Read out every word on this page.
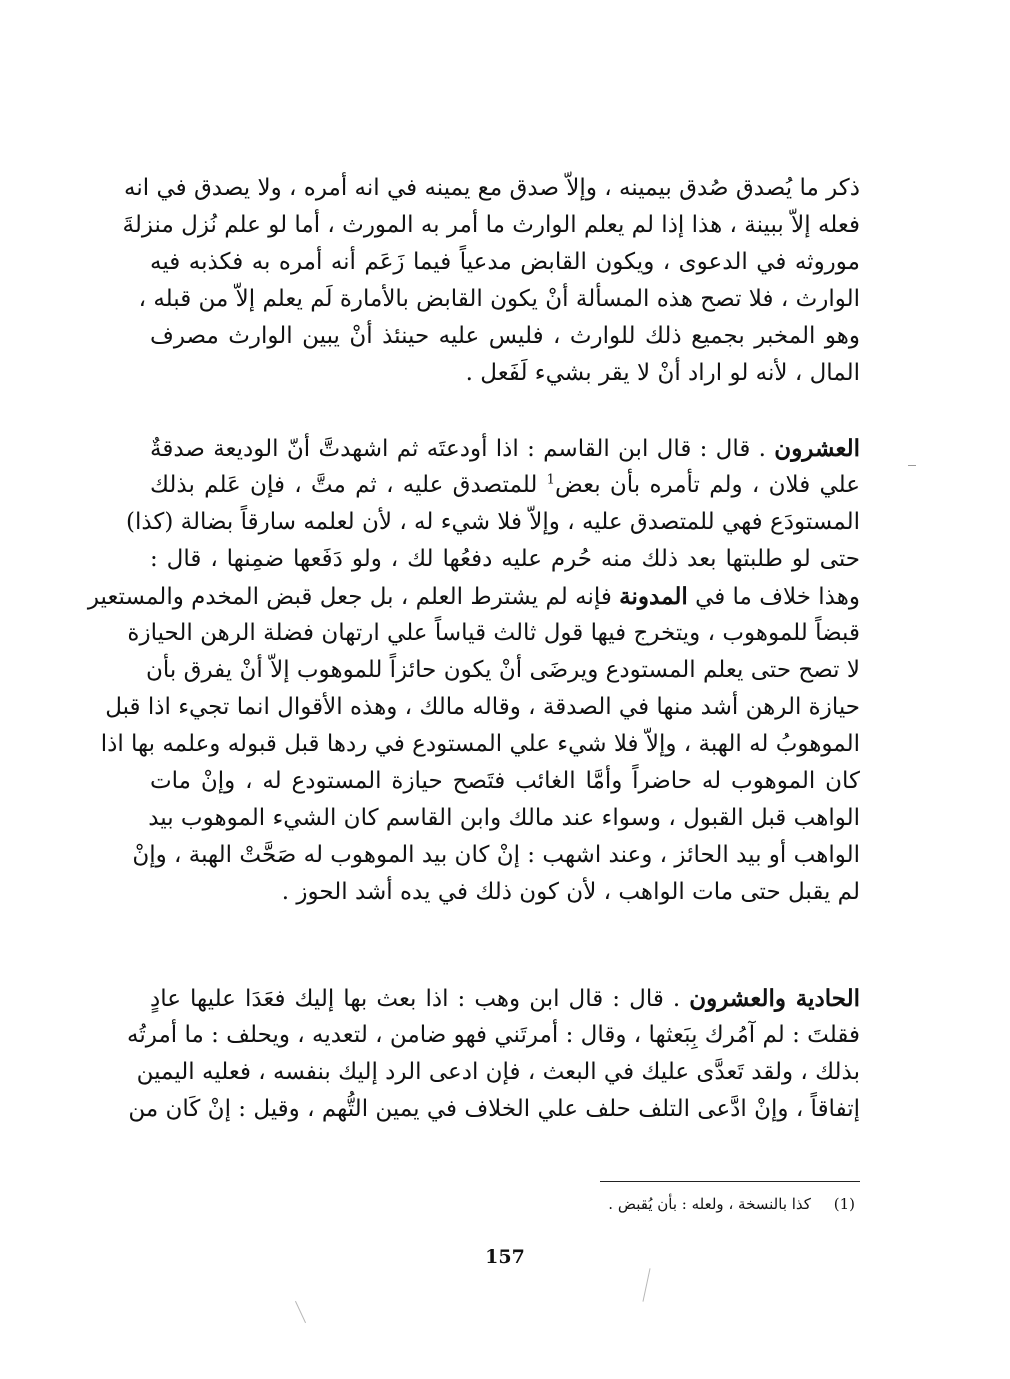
ذكر ما يُصدق صُدق بيمينه ، وإلاّ صدق مع يمينه في انه أمره ، ولا يصدق في انه
فعله إلاّ ببينة ، هذا إذا لم يعلم الوارث ما أمر به المورث ، أما لو علم نُزل منزلةَ
موروثه في الدعوى ، ويكون القابض مدعياً فيما زَعَم أنه أمره به فكذبه فيه
الوارث ، فلا تصح هذه المسألة أنْ يكون القابض بالأمارة لَم يعلم إلاّ من قبله ،
وهو المخبر بجميع ذلك للوارث ، فليس عليه حينئذ أنْ يبين الوارث مصرف
المال ، لأنه لو اراد أنْ لا يقر بشيء لَفَعل .
العشرون . قال : قال ابن القاسم : اذا أودعتَه ثم اشهدتَّ أنّ الوديعة صدقةٌ
علي فلان ، ولم تأمره بأن بعض$^1$ للمتصدق عليه ، ثم متَّ ، فإن عَلم بذلك
المستودَع فهي للمتصدق عليه ، وإلاّ فلا شيء له ، لأن لعلمه سارقاً بضالة (كذا)
حتى لو طلبتها بعد ذلك منه حُرم عليه دفعُها لك ، ولو دَفَعها ضمِنها ، قال :
وهذا خلاف ما في المدونة فإنه لم يشترط العلم ، بل جعل قبض المخدم والمستعير
قبضاً للموهوب ، ويتخرج فيها قول ثالث قياساً علي ارتهان فضلة الرهن الحيازة
لا تصح حتى يعلم المستودع ويرضَى أنْ يكون حائزاً للموهوب إلاّ أنْ يفرق بأن
حيازة الرهن أشد منها في الصدقة ، وقاله مالك ، وهذه الأقوال انما تجيء اذا قبل
الموهوبُ له الهبة ، وإلاّ فلا شيء علي المستودع في ردها قبل قبوله وعلمه بها اذا
كان الموهوب له حاضراً وأمَّا الغائب فتَصح حيازة المستودع له ، وإنْ مات
الواهب قبل القبول ، وسواء عند مالك وابن القاسم كان الشيء الموهوب بيد
الواهب أو بيد الحائز ، وعند اشهب : إنْ كان بيد الموهوب له صَحَّتْ الهبة ، وإنْ
لم يقبل حتى مات الواهب ، لأن كون ذلك في يده أشد الحوز .
الحادية والعشرون . قال : قال ابن وهب : اذا بعث بها إليك فعَدَا عليها عادٍ
فقلتَ : لم آمُرك بِبَعثها ، وقال : أمرتَني فهو ضامن ، لتعديه ، ويحلف : ما أمرتُه
بذلك ، ولقد تَعدَّى عليك في البعث ، فإن ادعى الرد إليك بنفسه ، فعليه اليمين
إتفاقاً ، وإنْ ادَّعى التلف حلف علي الخلاف في يمين التُّهم ، وقيل : إنْ كَان من
(1) كذا بالنسخة ، ولعله : بأن يُقبض .
157
